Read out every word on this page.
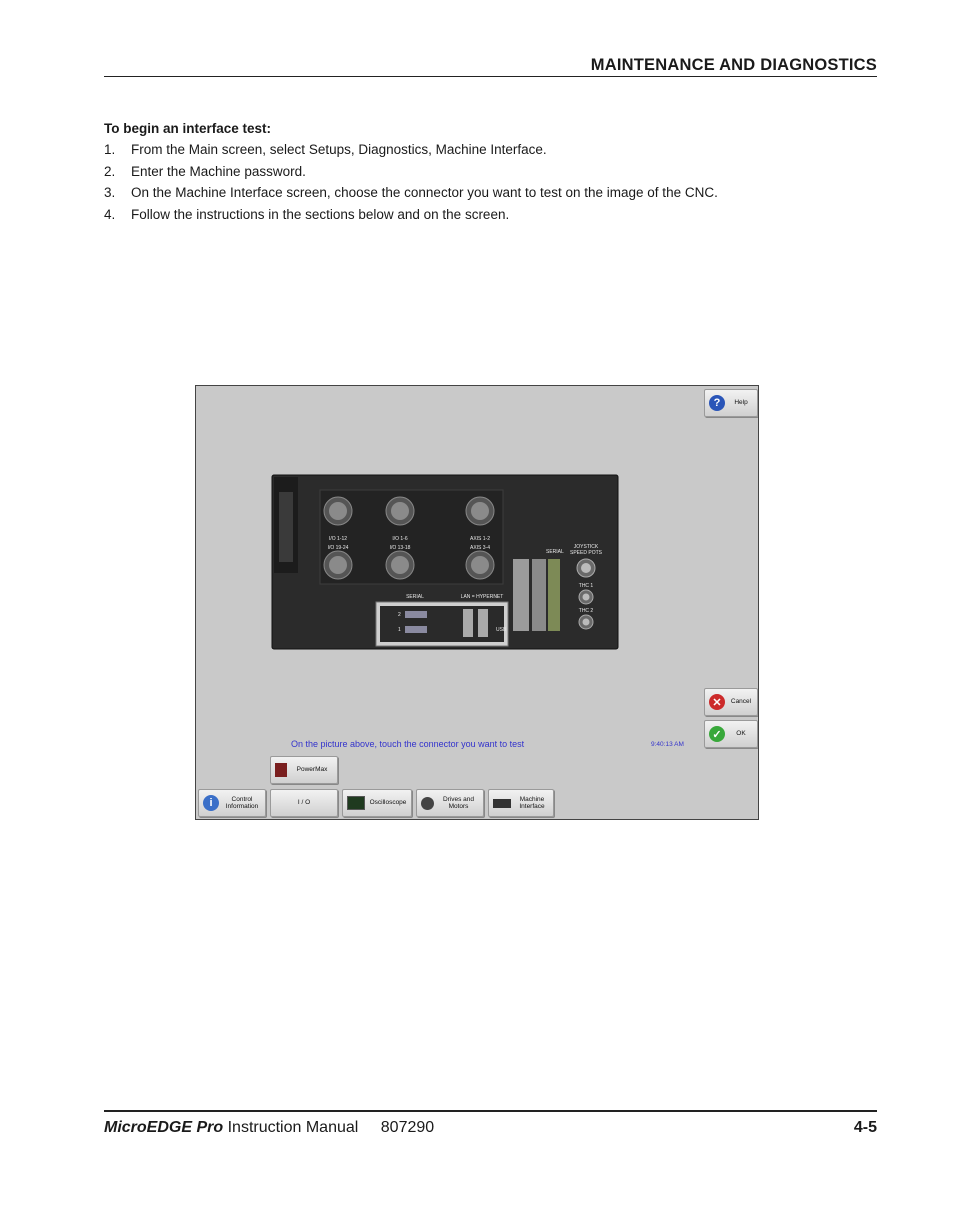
MAINTENANCE AND DIAGNOSTICS
To begin an interface test:
1.	From the Main screen, select Setups, Diagnostics, Machine Interface.
2.	Enter the Machine password.
3.	On the Machine Interface screen, choose the connector you want to test on the image of the CNC.
4.	Follow the instructions in the sections below and on the screen.
?	Help
I/O 1-12	I/O 1-6	AXIS 1-2
I/O 19-24	I/O 13-18	AXIS 3-4
SERIAL
JOYSTICK
SPEED POTS
THC 1
THC 2
SERIAL	LAN = HYPERNET
2
1	USB
✕	Cancel
✓	OK
On the picture above, touch the connector you want to test	9:40:13 AM
PowerMax
i	Control
Information
I / O	Oscilloscope
Drives and
Motors
Machine
Interface
MicroEDGE Pro Instruction Manual 807290	4-5
